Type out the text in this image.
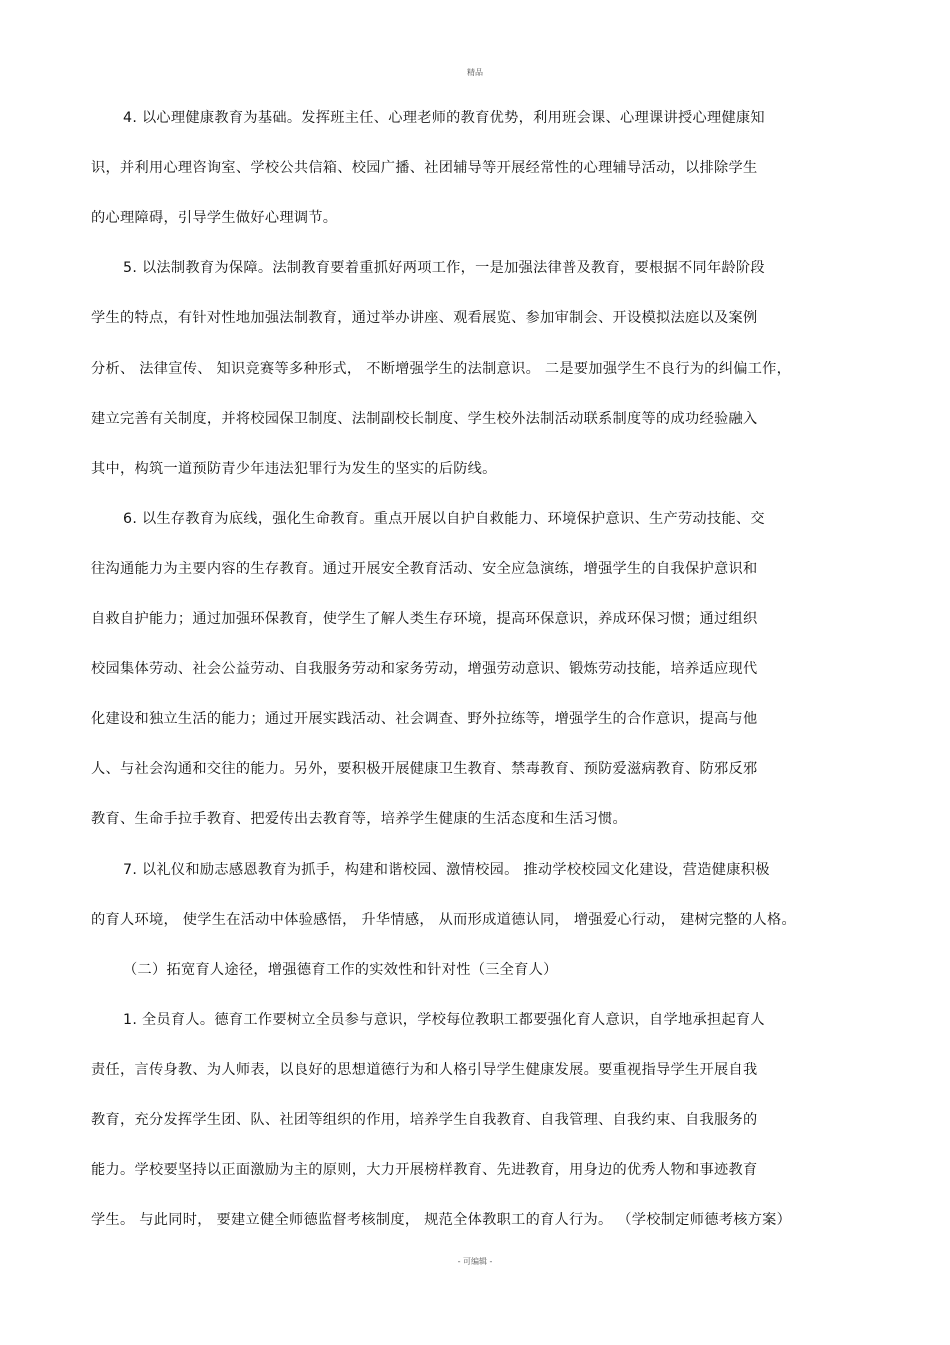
精品

4. 以心理健康教育为基础。发挥班主任、心理老师的教育优势，利用班会课、心理课讲授心理健康知

识，并利用心理咨询室、学校公共信箱、校园广播、社团辅导等开展经常性的心理辅导活动，以排除学生

的心理障碍，引导学生做好心理调节。

5. 以法制教育为保障。法制教育要着重抓好两项工作，一是加强法律普及教育，要根据不同年龄阶段

学生的特点，有针对性地加强法制教育，通过举办讲座、观看展览、参加审制会、开设模拟法庭以及案例

分析、 法律宣传、 知识竞赛等多种形式， 不断增强学生的法制意识。 二是要加强学生不良行为的纠偏工作，

建立完善有关制度，并将校园保卫制度、法制副校长制度、学生校外法制活动联系制度等的成功经验融入

其中，构筑一道预防青少年违法犯罪行为发生的坚实的后防线。

6. 以生存教育为底线，强化生命教育。重点开展以自护自救能力、环境保护意识、生产劳动技能、交

往沟通能力为主要内容的生存教育。通过开展安全教育活动、安全应急演练，增强学生的自我保护意识和

自救自护能力；通过加强环保教育，使学生了解人类生存环境，提高环保意识，养成环保习惯；通过组织

校园集体劳动、社会公益劳动、自我服务劳动和家务劳动，增强劳动意识、锻炼劳动技能，培养适应现代

化建设和独立生活的能力；通过开展实践活动、社会调查、野外拉练等，增强学生的合作意识，提高与他

人、与社会沟通和交往的能力。另外，要积极开展健康卫生教育、禁毒教育、预防爱滋病教育、防邪反邪

教育、生命手拉手教育、把爱传出去教育等，培养学生健康的生活态度和生活习惯。

7. 以礼仪和励志感恩教育为抓手，构建和谐校园、激情校园。 推动学校校园文化建设，营造健康积极

的育人环境， 使学生在活动中体验感悟， 升华情感， 从而形成道德认同， 增强爱心行动， 建树完整的人格。

（二）拓宽育人途径，增强德育工作的实效性和针对性（三全育人）

1. 全员育人。德育工作要树立全员参与意识，学校每位教职工都要强化育人意识，自学地承担起育人

责任，言传身教、为人师表，以良好的思想道德行为和人格引导学生健康发展。要重视指导学生开展自我

教育，充分发挥学生团、队、社团等组织的作用，培养学生自我教育、自我管理、自我约束、自我服务的

能力。学校要坚持以正面激励为主的原则，大力开展榜样教育、先进教育，用身边的优秀人物和事迹教育

学生。 与此同时， 要建立健全师德监督考核制度， 规范全体教职工的育人行为。 （学校制定师德考核方案）

- 可编辑 -
